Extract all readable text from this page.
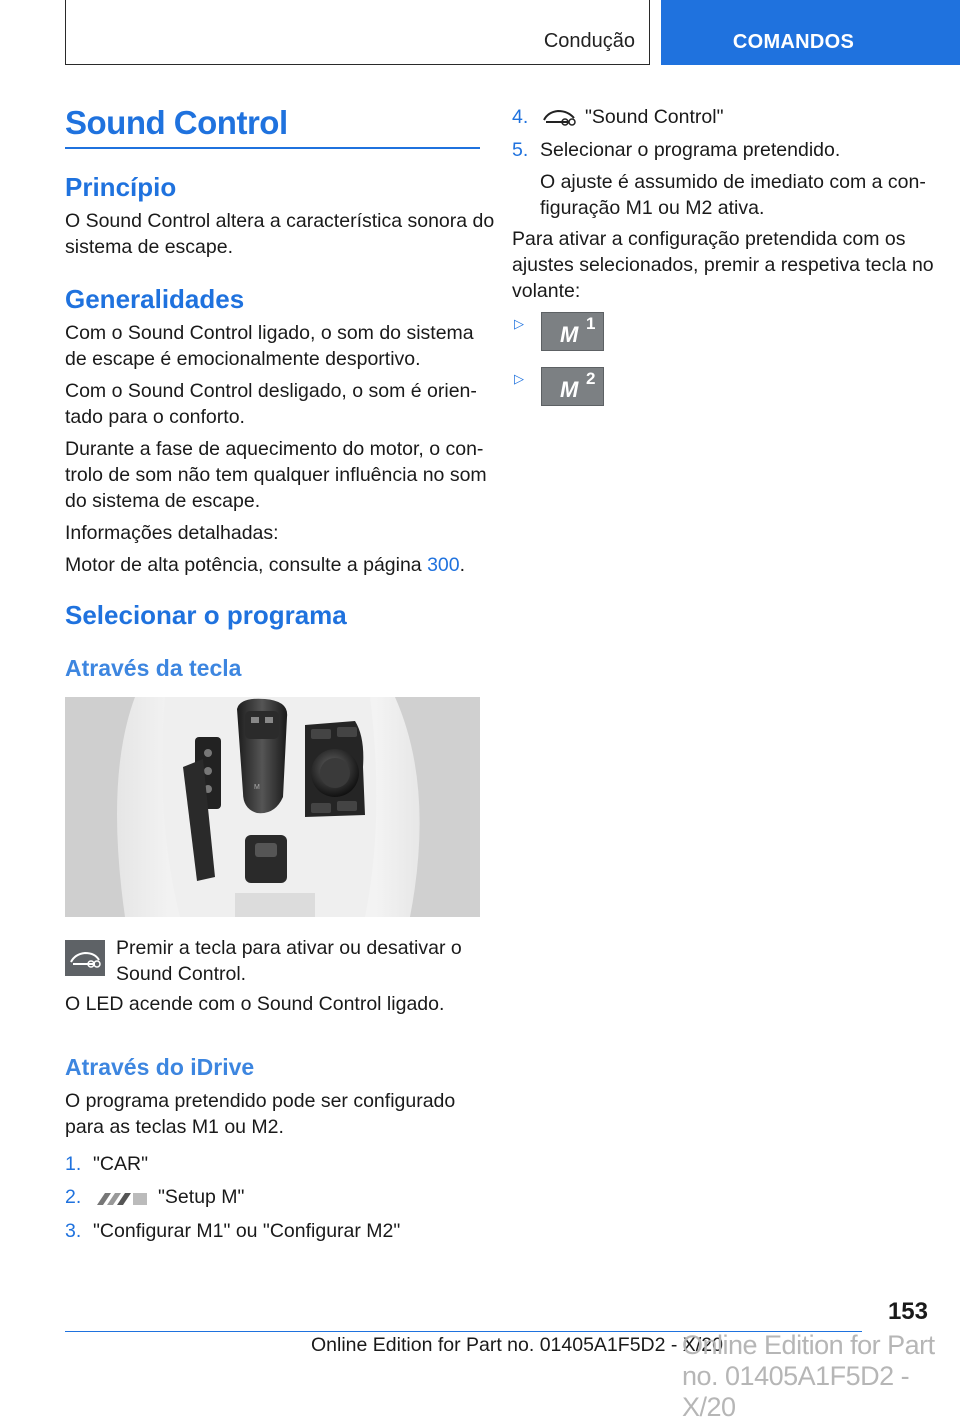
Condução	COMANDOS
Sound Control
Princípio
O Sound Control altera a característica sonora do
sistema de escape.
Generalidades
Com o Sound Control ligado, o som do sistema
de escape é emocionalmente desportivo.
Com o Sound Control desligado, o som é orien‐
tado para o conforto.
Durante a fase de aquecimento do motor, o con‐
trolo de som não tem qualquer influência no som
do sistema de escape.
Informações detalhadas:
Motor de alta potência, consulte a página 300.
Selecionar o programa
Através da tecla
M
Premir a tecla para ativar ou desativar o
Sound Control.
O LED acende com o Sound Control ligado.
Através do iDrive
O programa pretendido pode ser configurado
para as teclas M1 ou M2.
1. "CAR"
2.	"Setup M"
3. "Configurar M1" ou "Configurar M2"
4.	"Sound Control"
5. Selecionar o programa pretendido.
O ajuste é assumido de imediato com a con‐
figuração M1 ou M2 ativa.
Para ativar a configuração pretendida com os
ajustes selecionados, premir a respetiva tecla no
volante:
▷ M 1
▷ M 2
153
Online Edition for Part no. 01405A1F5D2 - X/20
Online Edition for Part no. 01405A1F5D2 - X/20
